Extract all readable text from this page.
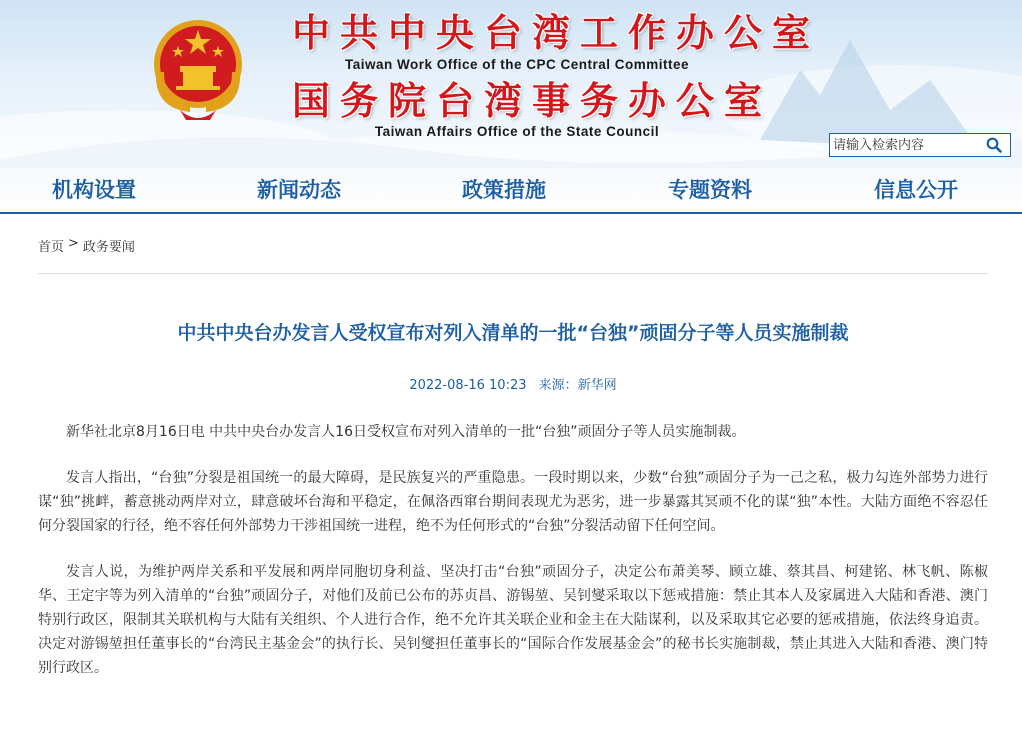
中共中央台湾工作办公室
Taiwan Work Office of the CPC Central Committee
国务院台湾事务办公室
Taiwan Affairs Office of the State Council
请输入检索内容
机构设置	新闻动态	政策措施	专题资料	信息公开
首页 > 政务要闻
中共中央台办发言人受权宣布对列入清单的一批“台独”顽固分子等人员实施制裁
2022-08-16 10:23 来源：新华网

新华社北京8月16日电 中共中央台办发言人16日受权宣布对列入清单的一批“台独”顽固分子等人员实施制裁。

发言人指出，“台独”分裂是祖国统一的最大障碍，是民族复兴的严重隐患。一段时期以来，少数“台独”顽固分子为一己之私，极力勾连外部势力进行谋“独”挑衅，蓄意挑动两岸对立，肆意破坏台海和平稳定，在佩洛西窜台期间表现尤为恶劣，进一步暴露其冥顽不化的谋“独”本性。大陆方面绝不容忍任何分裂国家的行径，绝不容任何外部势力干涉祖国统一进程，绝不为任何形式的“台独”分裂活动留下任何空间。

发言人说，为维护两岸关系和平发展和两岸同胞切身利益、坚决打击“台独”顽固分子，决定公布萧美琴、顾立雄、蔡其昌、柯建铭、林飞帆、陈椒华、王定宇等为列入清单的“台独”顽固分子，对他们及前已公布的苏贞昌、游锡堃、吴钊燮采取以下惩戒措施：禁止其本人及家属进入大陆和香港、澳门特别行政区，限制其关联机构与大陆有关组织、个人进行合作，绝不允许其关联企业和金主在大陆谋利，以及采取其它必要的惩戒措施，依法终身追责。决定对游锡堃担任董事长的“台湾民主基金会”的执行长、吴钊燮担任董事长的“国际合作发展基金会”的秘书长实施制裁，禁止其进入大陆和香港、澳门特别行政区。
